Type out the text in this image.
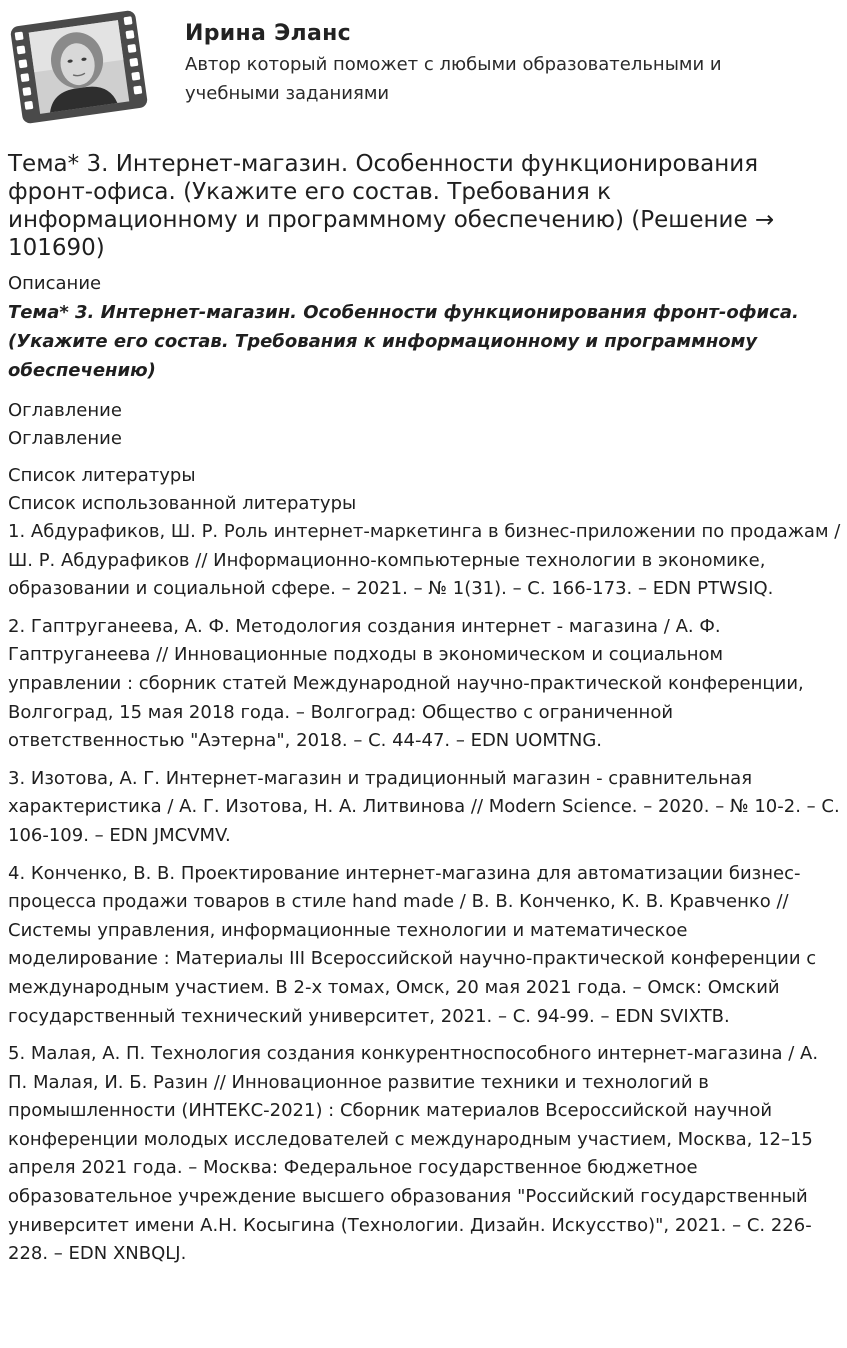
Ирина Эланс
Автор который поможет с любыми образовательными и учебными заданиями
Тема* 3. Интернет-магазин. Особенности функционирования фронт-офиса. (Укажите его состав. Требования к информационному и программному обеспечению) (Решение → 101690)

Описание

Тема* 3. Интернет-магазин. Особенности функционирования фронт-офиса. (Укажите его состав. Требования к информационному и программному обеспечению)

Оглавление

Оглавление

Список литературы

Список использованной литературы

1. Абдурафиков, Ш. Р. Роль интернет-маркетинга в бизнес-приложении по продажам / Ш. Р. Абдурафиков // Информационно-компьютерные технологии в экономике, образовании и социальной сфере. – 2021. – № 1(31). – С. 166-173. – EDN PTWSIQ.
2. Гаптруганеева, А. Ф. Методология создания интернет - магазина / А. Ф. Гаптруганеева // Инновационные подходы в экономическом и социальном управлении : сборник статей Международной научно-практической конференции, Волгоград, 15 мая 2018 года. – Волгоград: Общество с ограниченной ответственностью "Аэтерна", 2018. – С. 44-47. – EDN UOMTNG.
3. Изотова, А. Г. Интернет-магазин и традиционный магазин - сравнительная характеристика / А. Г. Изотова, Н. А. Литвинова // Modern Science. – 2020. – № 10-2. – С. 106-109. – EDN JMCVMV.
4. Конченко, В. В. Проектирование интернет-магазина для автоматизации бизнес-процесса продажи товаров в стиле hand made / В. В. Конченко, К. В. Кравченко // Системы управления, информационные технологии и математическое моделирование : Материалы III Всероссийской научно-практической конференции с международным участием. В 2-х томах, Омск, 20 мая 2021 года. – Омск: Омский государственный технический университет, 2021. – С. 94-99. – EDN SVIXTB.
5. Малая, А. П. Технология создания конкурентноспособного интернет-магазина / А. П. Малая, И. Б. Разин // Инновационное развитие техники и технологий в промышленности (ИНТЕКС-2021) : Сборник материалов Всероссийской научной конференции молодых исследователей с международным участием, Москва, 12–15 апреля 2021 года. – Москва: Федеральное государственное бюджетное образовательное учреждение высшего образования "Российский государственный университет имени А.Н. Косыгина (Технологии. Дизайн. Искусство)", 2021. – С. 226-228. – EDN XNBQLJ.
